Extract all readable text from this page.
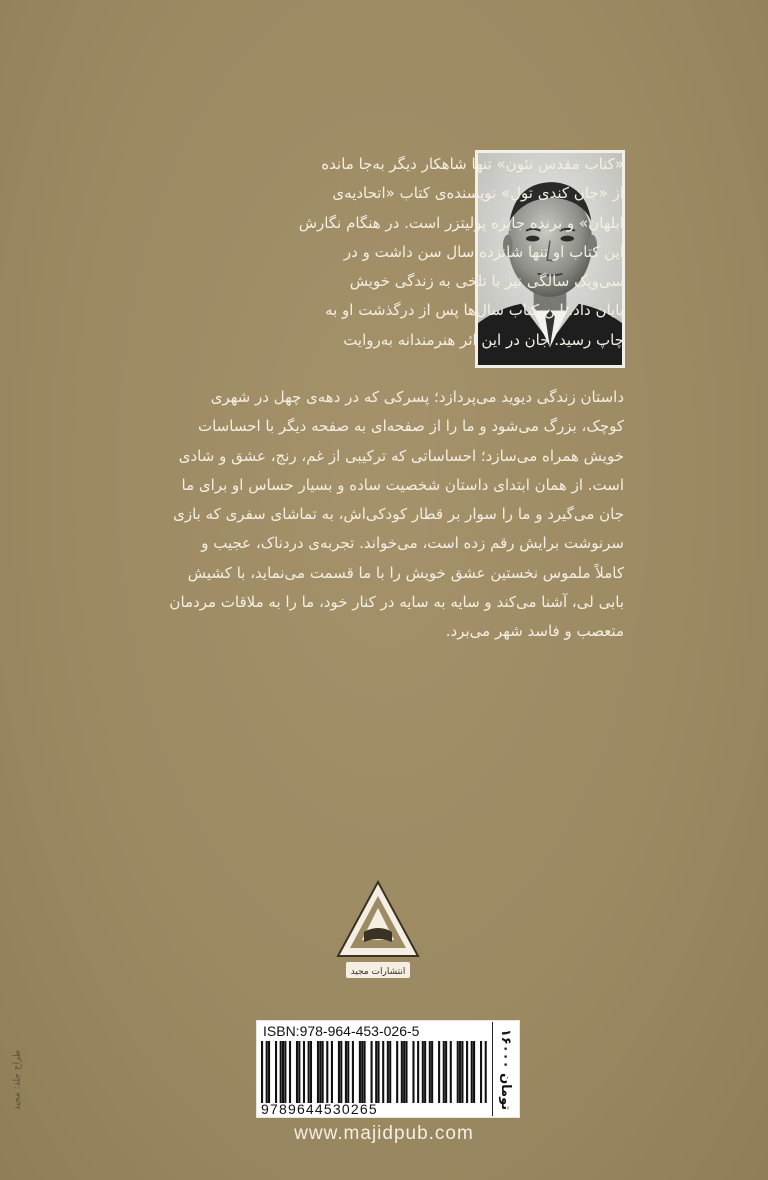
«کتاب مقدس نئون» تنها شاهکار دیگر به‌جا مانده
از «جان کندی تول» نویسنده‌ی کتاب «اتحادیه‌ی
ابلهان» و برنده جایزه پولیتزر است. در هنگام نگارش
این کتاب او تنها شانزده سال سن داشت و در
سی‌ویک سالگی نیز با تلخی به زندگی خویش
پایان داد. این کتاب سال‌ها پس از درگذشت او به
چاپ رسید. جان در این اثر هنرمندانه به‌روایت
داستان زندگی دیوید می‌پردازد؛ پسرکی که در دهه‌ی چهل در شهری
کوچک، بزرگ می‌شود و ما را از صفحه‌ای به صفحه دیگر با احساسات
خویش همراه می‌سازد؛ احساساتی که ترکیبی از غم، رنج، عشق و شادی
است. از همان ابتدای داستان شخصیت ساده و بسیار حساس او برای ما
جان می‌گیرد و ما را سوار بر قطار کودکی‌اش، به تماشای سفری که بازی
سرنوشت برایش رقم زده است، می‌خواند. تجربه‌ی دردناک، عجیب و
کاملاً ملموس نخستین عشق خویش را با ما قسمت می‌نماید، با کشیش
بابی لی، آشنا می‌کند و سایه به سایه در کنار خود، ما را به ملاقات مردمان
متعصب و فاسد شهر می‌برد.
انتشارات مجید
ISBN:978-964-453-026-5
9789644530265
۱۶۰۰۰ تومان
www.majidpub.com
طراح جلد: مجید
